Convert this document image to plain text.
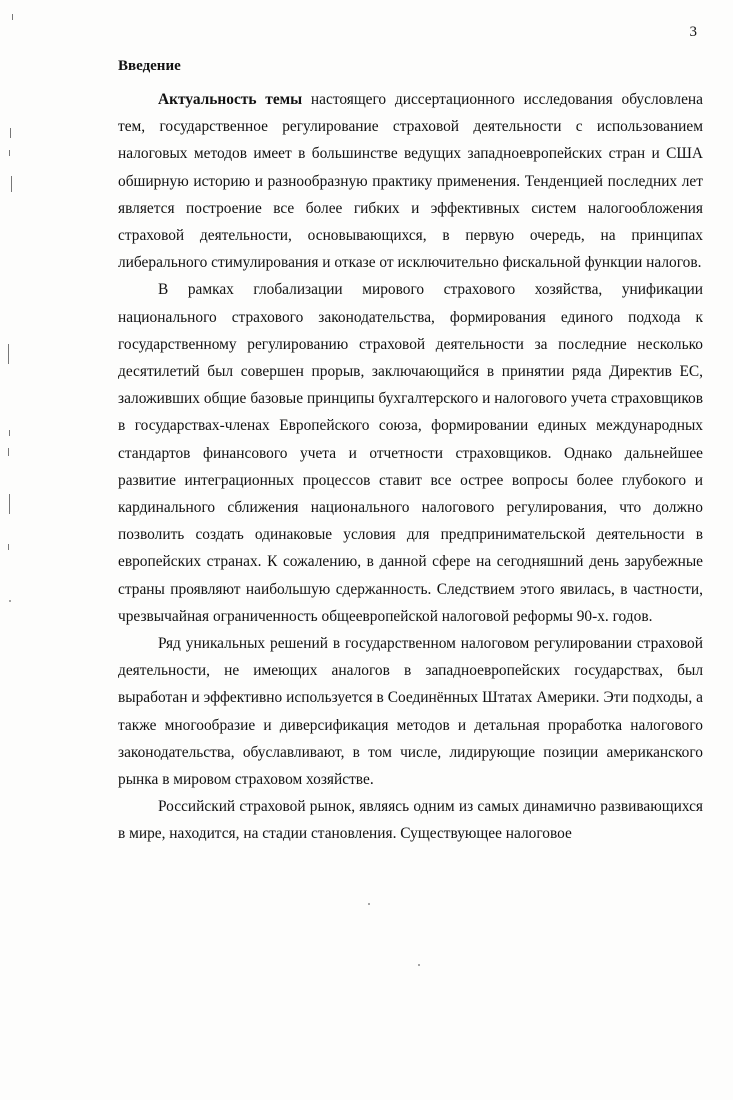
3
Введение

Актуальность темы настоящего диссертационного исследования обусловлена тем, государственное регулирование страховой деятельности с использованием налоговых методов имеет в большинстве ведущих западноевропейских стран и США обширную историю и разнообразную практику применения. Тенденцией последних лет является построение все более гибких и эффективных систем налогообложения страховой деятельности, основывающихся, в первую очередь, на принципах либерального стимулирования и отказе от исключительно фискальной функции налогов.

В рамках глобализации мирового страхового хозяйства, унификации национального страхового законодательства, формирования единого подхода к государственному регулированию страховой деятельности за последние несколько десятилетий был совершен прорыв, заключающийся в принятии ряда Директив ЕС, заложивших общие базовые принципы бухгалтерского и налогового учета страховщиков в государствах-членах Европейского союза, формировании единых международных стандартов финансового учета и отчетности страховщиков. Однако дальнейшее развитие интеграционных процессов ставит все острее вопросы более глубокого и кардинального сближения национального налогового регулирования, что должно позволить создать одинаковые условия для предпринимательской деятельности в европейских странах. К сожалению, в данной сфере на сегодняшний день зарубежные страны проявляют наибольшую сдержанность. Следствием этого явилась, в частности, чрезвычайная ограниченность общеевропейской налоговой реформы 90-х. годов.

Ряд уникальных решений в государственном налоговом регулировании страховой деятельности, не имеющих аналогов в западноевропейских государствах, был выработан и эффективно используется в Соединённых Штатах Америки. Эти подходы, а также многообразие и диверсификация методов и детальная проработка налогового законодательства, обуславливают, в том числе, лидирующие позиции американского рынка в мировом страховом хозяйстве.

Российский страховой рынок, являясь одним из самых динамично развивающихся в мире, находится, на стадии становления. Существующее налоговое
